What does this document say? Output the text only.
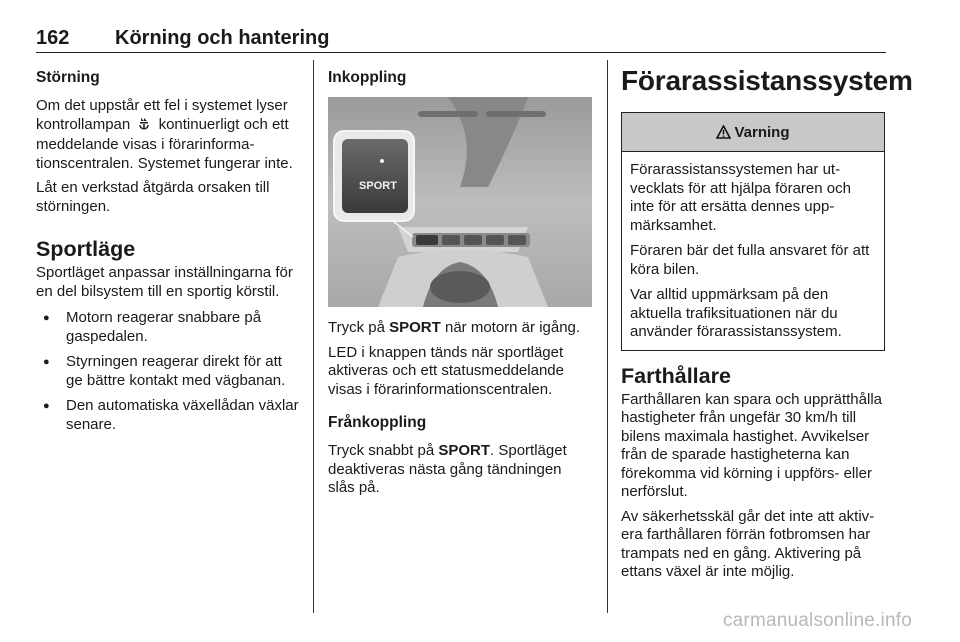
162 Körning och hantering
Störning

Om det uppstår ett fel i systemet lyser kontrollampan kontinuerligt och ett meddelande visas i förarinformationscentralen. Systemet fungerar inte.

Låt en verkstad åtgärda orsaken till störningen.

Sportläge

Sportläget anpassar inställningarna för en del bilsystem till en sportig körstil.

● Motorn reagerar snabbare på gaspedalen.
● Styrningen reagerar direkt för att ge bättre kontakt med vägbanan.
● Den automatiska växellådan växlar senare.
Inkoppling
SPORT

Tryck på SPORT när motorn är igång.

LED i knappen tänds när sportläget aktiveras och ett statusmeddelande visas i förarinformationscentralen.

Frånkoppling

Tryck snabbt på SPORT. Sportläget deaktiveras nästa gång tändningen slås på.

Förarassistanssystem
Varning

Förarassistanssystemen har utvecklats för att hjälpa föraren och inte för att ersätta dennes uppmärksamhet.

Föraren bär det fulla ansvaret för att köra bilen.

Var alltid uppmärksam på den aktuella trafiksituationen när du använder förarassistanssystem.

Farthållare

Farthållaren kan spara och upprätthålla hastigheter från ungefär 30 km/h till bilens maximala hastighet. Avvikelser från de sparade hastigheterna kan förekomma vid körning i uppförs- eller nerförslut.

Av säkerhetsskäl går det inte att aktivera farthållaren förrän fotbromsen har trampats ned en gång. Aktivering på ettans växel är inte möjlig.

carmanualsonline.info
